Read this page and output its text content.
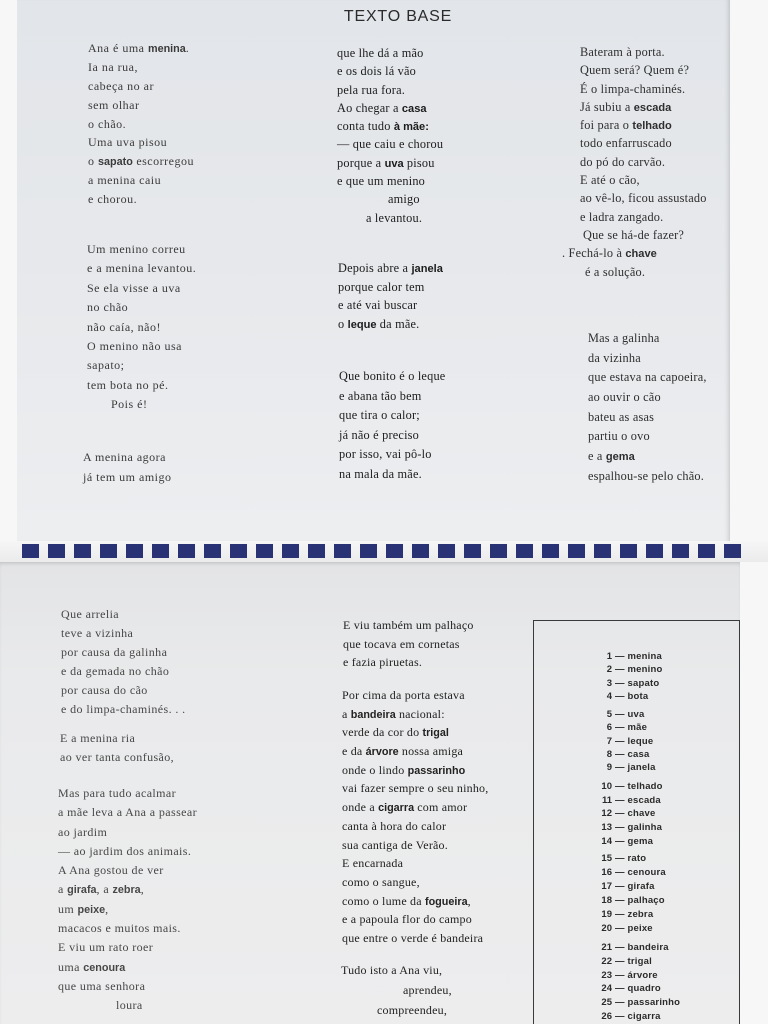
TEXTO BASE
Ana é uma menina.
Ia na rua,
cabeça no ar
sem olhar
o chão.
Uma uva pisou
o sapato escorregou
a menina caiu
e chorou.
Um menino correu
e a menina levantou.
Se ela visse a uva
no chão
não caía, não!
O menino não usa
sapato;
tem bota no pé.
Pois é!
A menina agora
já tem um amigo
que lhe dá a mão
e os dois lá vão
pela rua fora.
Ao chegar a casa
conta tudo à mãe:
— que caiu e chorou
porque a uva pisou
e que um menino
amigo
a levantou.
Depois abre a janela
porque calor tem
e até vai buscar
o leque da mãe.
Que bonito é o leque
e abana tão bem
que tira o calor;
já não é preciso
por isso, vai pô-lo
na mala da mãe.
Bateram à porta.
Quem será? Quem é?
É o limpa-chaminés.
Já subiu a escada
foi para o telhado
todo enfarruscado
do pó do carvão.
E até o cão,
ao vê-lo, ficou assustado
e ladra zangado.
Que se há-de fazer?
. Fechá-lo à chave
é a solução.
Mas a galinha
da vizinha
que estava na capoeira,
ao ouvir o cão
bateu as asas
partiu o ovo
e a gema
espalhou-se pelo chão.
Que arrelia
teve a vizinha
por causa da galinha
e da gemada no chão
por causa do cão
e do limpa-chaminés. . .
E a menina ria
ao ver tanta confusão,
Mas para tudo acalmar
a mãe leva a Ana a passear
ao jardim
— ao jardim dos animais.
A Ana gostou de ver
a girafa, a zebra,
um peixe,
macacos e muitos mais.
E viu um rato roer
uma cenoura
que uma senhora
loura
E viu também um palhaço
que tocava em cornetas
e fazia piruetas.
Por cima da porta estava
a bandeira nacional:
verde da cor do trigal
e da árvore nossa amiga
onde o lindo passarinho
vai fazer sempre o seu ninho,
onde a cigarra com amor
canta à hora do calor
sua cantiga de Verão.
E encarnada
como o sangue,
como o lume da fogueira,
e a papoula flor do campo
que entre o verde é bandeira
Tudo isto a Ana viu,
aprendeu,
compreendeu,
1 — menina
2 — menino
3 — sapato
4 — bota
5 — uva
6 — mãe
7 — leque
8 — casa
9 — janela
10 — telhado
11 — escada
12 — chave
13 — galinha
14 — gema
15 — rato
16 — cenoura
17 — girafa
18 — palhaço
19 — zebra
20 — peixe
21 — bandeira
22 — trigal
23 — árvore
24 — quadro
25 — passarinho
26 — cigarra
